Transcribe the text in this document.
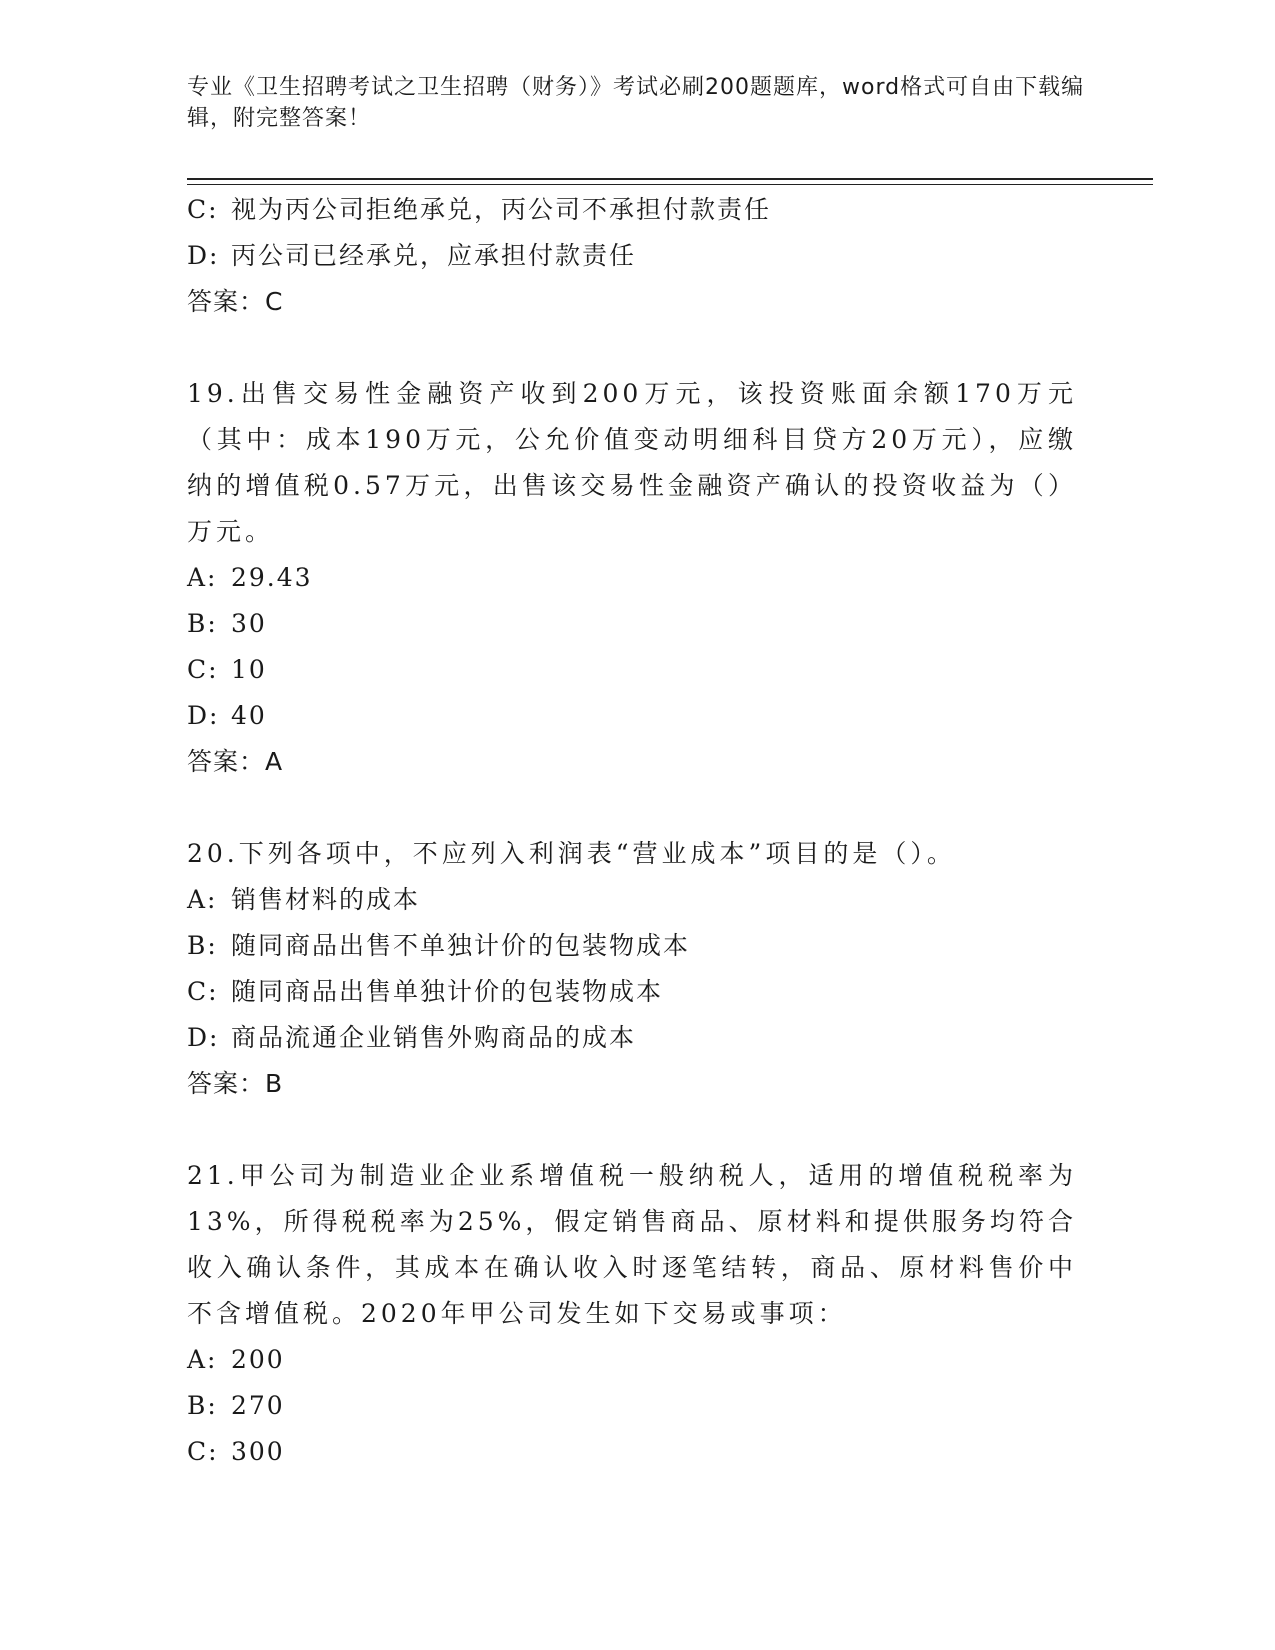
专业《卫生招聘考试之卫生招聘（财务）》考试必刷200题题库，word格式可自由下载编辑，附完整答案！
C: 视为丙公司拒绝承兑，丙公司不承担付款责任
D: 丙公司已经承兑，应承担付款责任
答案：C
19.出售交易性金融资产收到200万元，该投资账面余额170万元（其中：成本190万元，公允价值变动明细科目贷方20万元），应缴纳的增值税0.57万元，出售该交易性金融资产确认的投资收益为（）万元。
A: 29.43
B: 30
C: 10
D: 40
答案：A
20.下列各项中，不应列入利润表“营业成本”项目的是（）。
A: 销售材料的成本
B: 随同商品出售不单独计价的包装物成本
C: 随同商品出售单独计价的包装物成本
D: 商品流通企业销售外购商品的成本
答案：B
21.甲公司为制造业企业系增值税一般纳税人，适用的增值税税率为13%，所得税税率为25%，假定销售商品、原材料和提供服务均符合收入确认条件，其成本在确认收入时逐笔结转，商品、原材料售价中不含增值税。2020年甲公司发生如下交易或事项：
A: 200
B: 270
C: 300
